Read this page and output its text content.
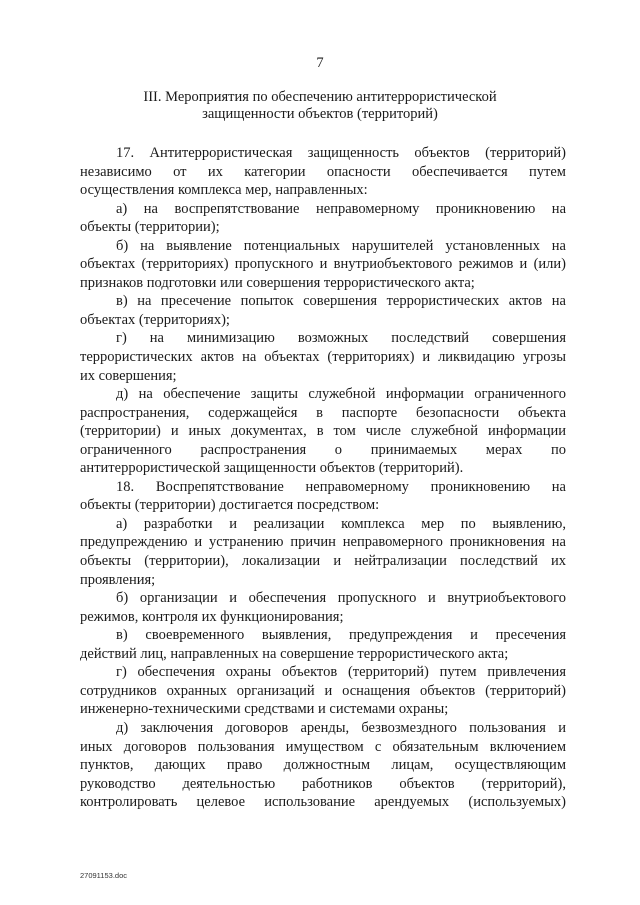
7
III. Мероприятия по обеспечению антитеррористической
защищенности объектов (территорий)
17. Антитеррористическая защищенность объектов (территорий)
независимо от их категории опасности обеспечивается путем
осуществления комплекса мер, направленных:
а) на воспрепятствование неправомерному проникновению на
объекты (территории);
б) на выявление потенциальных нарушителей установленных на
объектах (территориях) пропускного и внутриобъектового режимов и (или)
признаков подготовки или совершения террористического акта;
в) на пресечение попыток совершения террористических актов на
объектах (территориях);
г) на минимизацию возможных последствий совершения
террористических актов на объектах (территориях) и ликвидацию угрозы
их совершения;
д) на обеспечение защиты служебной информации ограниченного
распространения, содержащейся в паспорте безопасности объекта
(территории) и иных документах, в том числе служебной информации
ограниченного распространения о принимаемых мерах по
антитеррористической защищенности объектов (территорий).
18. Воспрепятствование неправомерному проникновению на
объекты (территории) достигается посредством:
а) разработки и реализации комплекса мер по выявлению,
предупреждению и устранению причин неправомерного проникновения на
объекты (территории), локализации и нейтрализации последствий их
проявления;
б) организации и обеспечения пропускного и внутриобъектового
режимов, контроля их функционирования;
в) своевременного выявления, предупреждения и пресечения
действий лиц, направленных на совершение террористического акта;
г) обеспечения охраны объектов (территорий) путем привлечения
сотрудников охранных организаций и оснащения объектов (территорий)
инженерно-техническими средствами и системами охраны;
д) заключения договоров аренды, безвозмездного пользования и
иных договоров пользования имуществом с обязательным включением
пунктов, дающих право должностным лицам, осуществляющим
руководство деятельностью работников объектов (территорий),
контролировать целевое использование арендуемых (используемых)
27091153.doc
